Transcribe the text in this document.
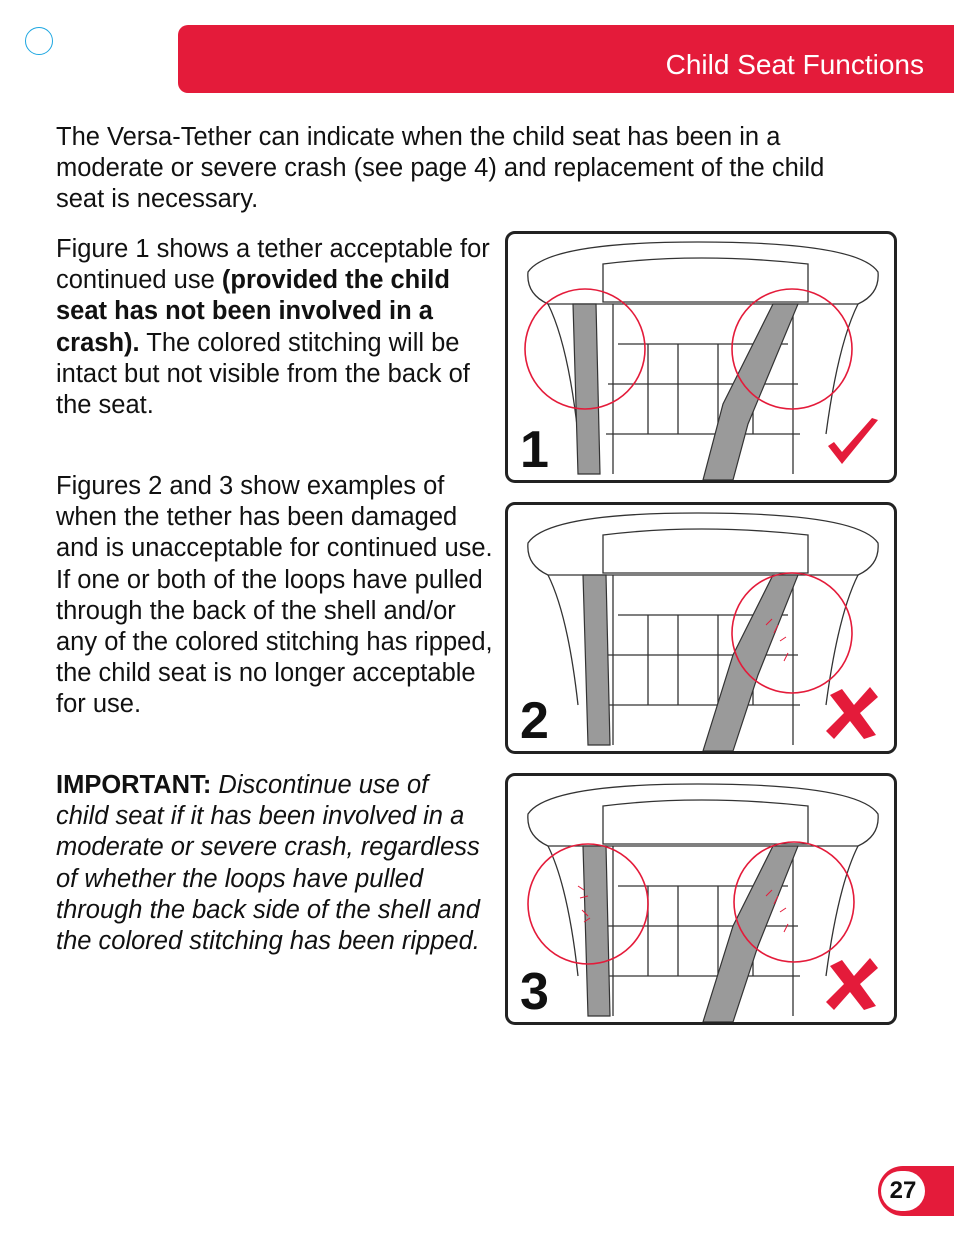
Child Seat Functions

The Versa-Tether can indicate when the child seat has been in a moderate or severe crash (see page 4) and replacement of the child seat is necessary.

Figure 1 shows a tether acceptable for continued use (provided the child seat has not been involved in a crash). The colored stitching will be intact but not visible from the back of the seat.

Figures 2 and 3 show examples of when the tether has been damaged and is unacceptable for continued use. If one or both of the loops have pulled through the back of the shell and/or any of the colored stitching has ripped, the child seat is no longer acceptable for use.

IMPORTANT: Discontinue use of child seat if it has been involved in a moderate or severe crash, regardless of whether the loops have pulled through the back side of the shell and the colored stitching has been ripped.

1
2
3
27
